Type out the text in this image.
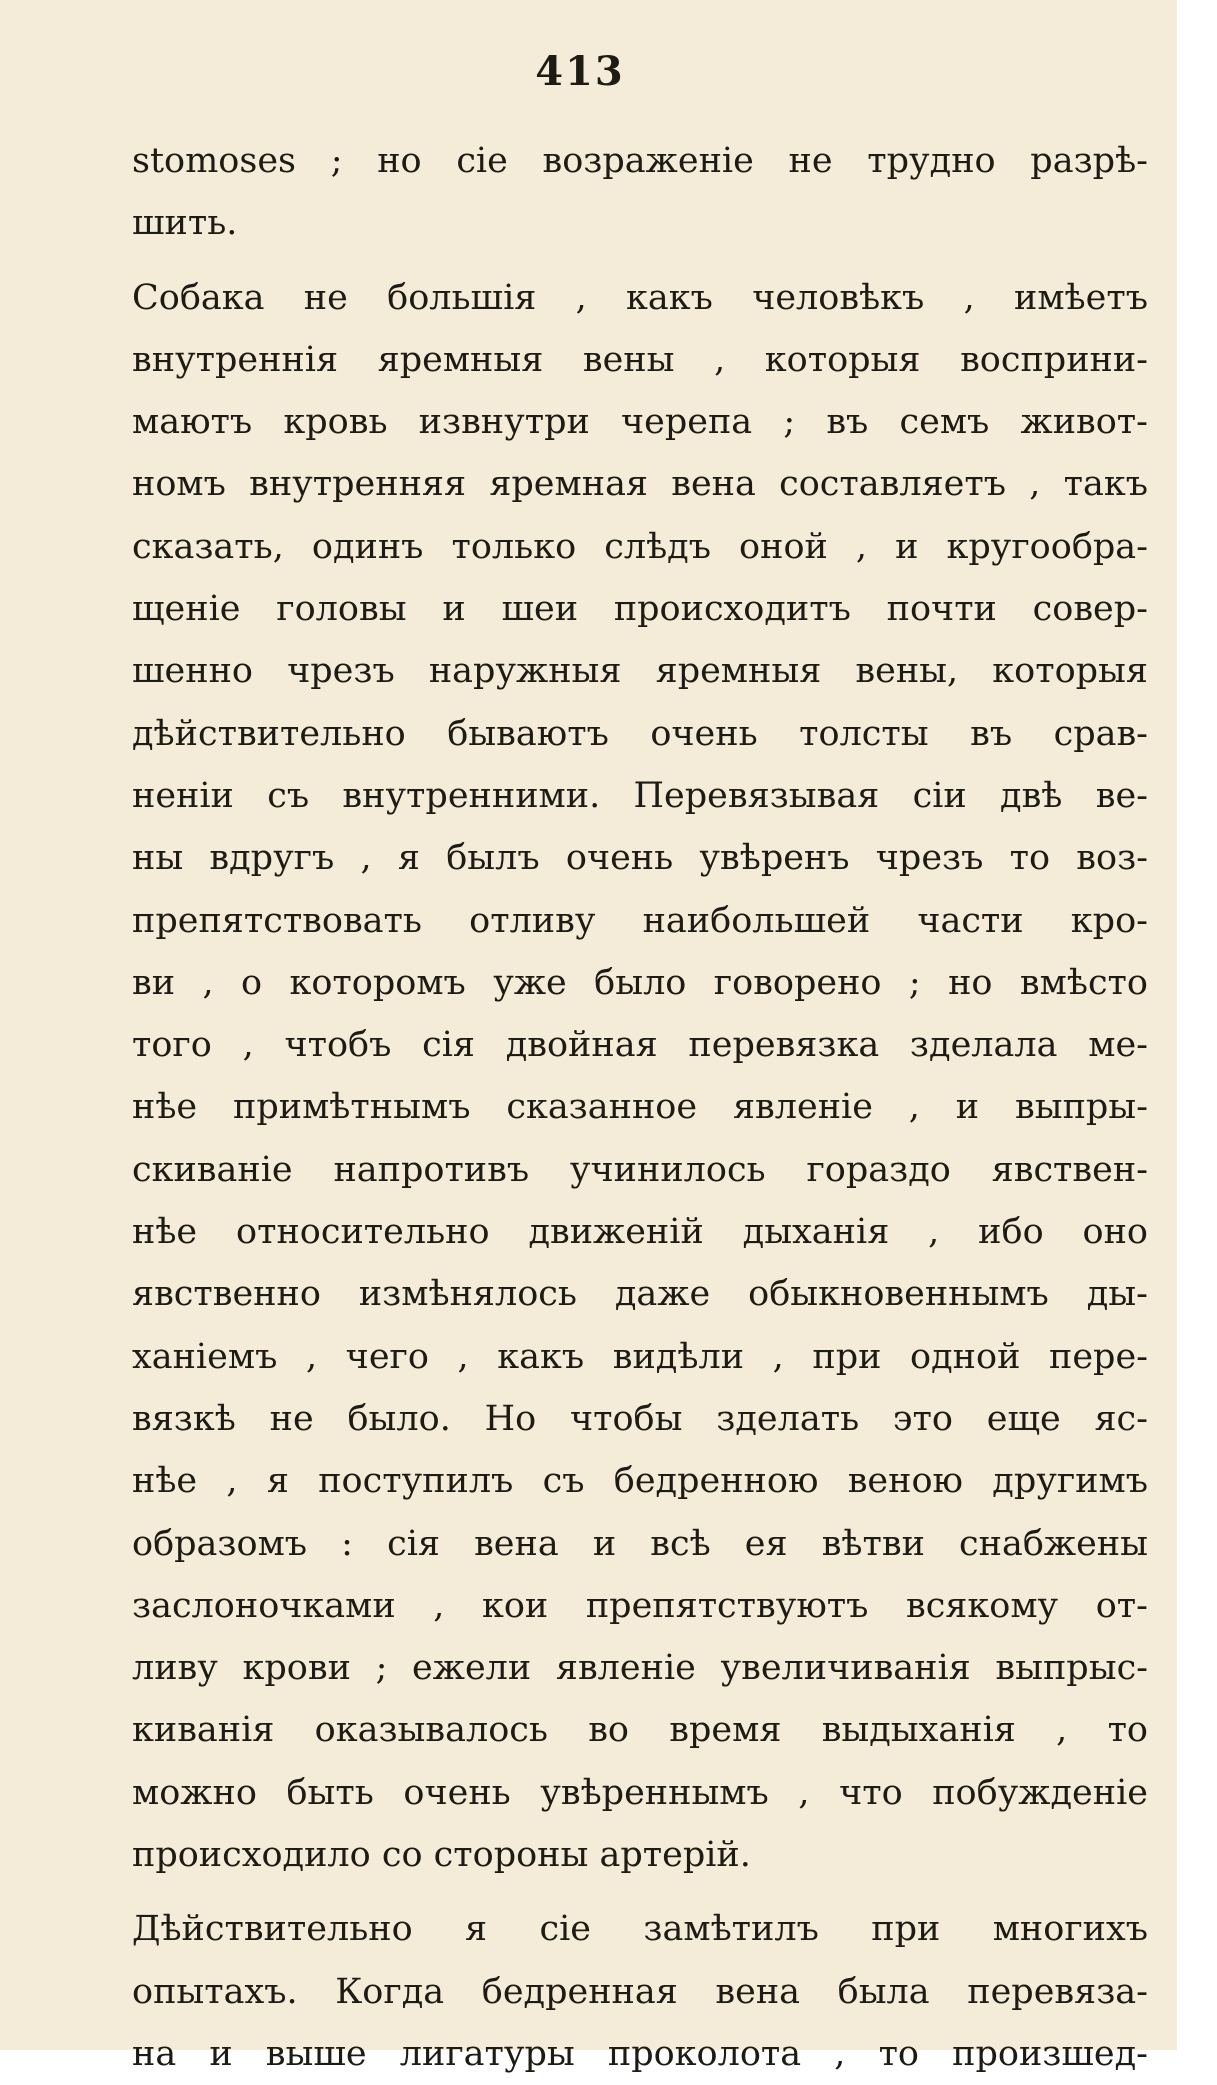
413
stomoses ; но сіе возраженіе не трудно разрѣ-
шить.
Собака не большія , какъ человѣкъ , имѣетъ
внутреннія яремныя вены , которыя восприни-
маютъ кровь извнутри черепа ; въ семъ живот-
номъ внутренняя яремная вена составляетъ , такъ
сказать, одинъ только слѣдъ оной , и кругообра-
щеніе головы и шеи происходитъ почти совер-
шенно чрезъ наружныя яремныя вены, которыя
дѣйствительно бываютъ очень толсты въ срав-
неніи съ внутренними. Перевязывая сіи двѣ ве-
ны вдругъ , я былъ очень увѣренъ чрезъ то воз-
препятствовать отливу наибольшей части кро-
ви , о которомъ уже было говорено ; но вмѣсто
того , чтобъ сія двойная перевязка зделала ме-
нѣе примѣтнымъ сказанное явленіе , и выпры-
скиваніе напротивъ учинилось гораздо явствен-
нѣе относительно движеній дыханія , ибо оно
явственно измѣнялось даже обыкновеннымъ ды-
ханіемъ , чего , какъ видѣли , при одной пере-
вязкѣ не было. Но чтобы зделать это еще яс-
нѣе , я поступилъ съ бедренною веною другимъ
образомъ : сія вена и всѣ ея вѣтви снабжены
заслоночками , кои препятствуютъ всякому от-
ливу крови ; ежели явленіе увеличиванія выпрыс-
киванія оказывалось во время выдыханія , то
можно быть очень увѣреннымъ , что побужденіе
происходило со стороны артерій.
Дѣйствительно я сіе замѣтилъ при многихъ
опытахъ. Когда бедренная вена была перевяза-
на и выше лигатуры проколота , то произшед-
